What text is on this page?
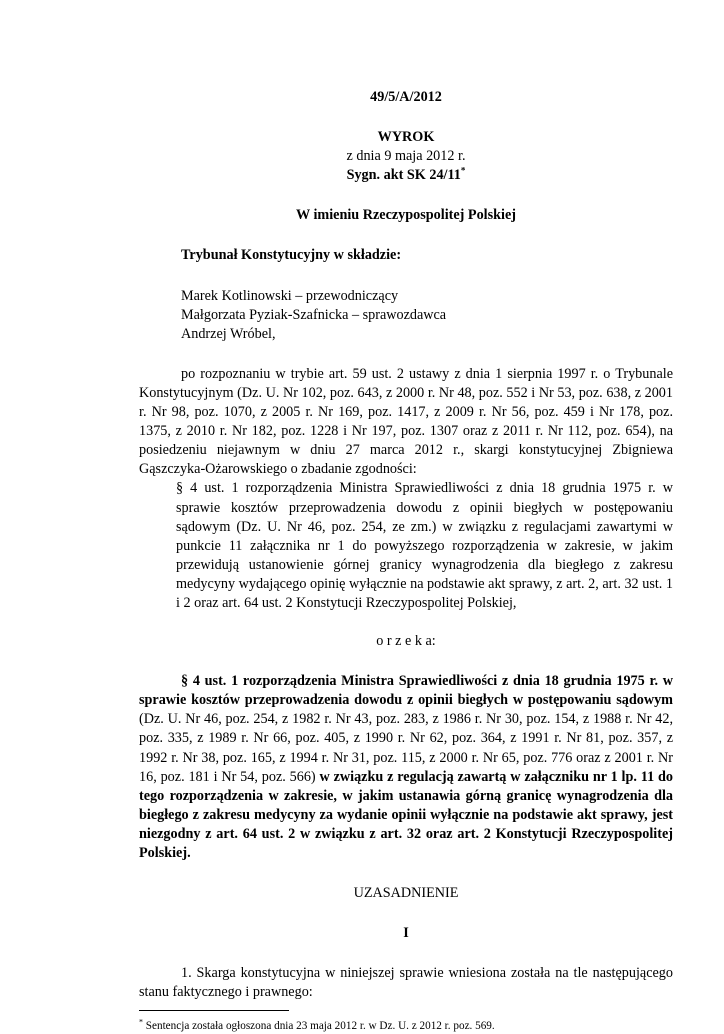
49/5/A/2012

WYROK

z dnia 9 maja 2012 r.

Sygn. akt SK 24/11*

W imieniu Rzeczypospolitej Polskiej

Trybunał Konstytucyjny w składzie:

Marek Kotlinowski – przewodniczący

Małgorzata Pyziak-Szafnicka – sprawozdawca

Andrzej Wróbel,

po rozpoznaniu w trybie art. 59 ust. 2 ustawy z dnia 1 sierpnia 1997 r. o Trybunale Konstytucyjnym (Dz. U. Nr 102, poz. 643, z 2000 r. Nr 48, poz. 552 i Nr 53, poz. 638, z 2001 r. Nr 98, poz. 1070, z 2005 r. Nr 169, poz. 1417, z 2009 r. Nr 56, poz. 459 i Nr 178, poz. 1375, z 2010 r. Nr 182, poz. 1228 i Nr 197, poz. 1307 oraz z 2011 r. Nr 112, poz. 654), na posiedzeniu niejawnym w dniu 27 marca 2012 r., skargi konstytucyjnej Zbigniewa Gąszczyka-Ożarowskiego o zbadanie zgodności:

§ 4 ust. 1 rozporządzenia Ministra Sprawiedliwości z dnia 18 grudnia 1975 r. w sprawie kosztów przeprowadzenia dowodu z opinii biegłych w postępowaniu sądowym (Dz. U. Nr 46, poz. 254, ze zm.) w związku z regulacjami zawartymi w punkcie 11 załącznika nr 1 do powyższego rozporządzenia w zakresie, w jakim przewidują ustanowienie górnej granicy wynagrodzenia dla biegłego z zakresu medycyny wydającego opinię wyłącznie na podstawie akt sprawy, z art. 2, art. 32 ust. 1 i 2 oraz art. 64 ust. 2 Konstytucji Rzeczypospolitej Polskiej,

o r z e k a:

§ 4 ust. 1 rozporządzenia Ministra Sprawiedliwości z dnia 18 grudnia 1975 r. w sprawie kosztów przeprowadzenia dowodu z opinii biegłych w postępowaniu sądowym (Dz. U. Nr 46, poz. 254, z 1982 r. Nr 43, poz. 283, z 1986 r. Nr 30, poz. 154, z 1988 r. Nr 42, poz. 335, z 1989 r. Nr 66, poz. 405, z 1990 r. Nr 62, poz. 364, z 1991 r. Nr 81, poz. 357, z 1992 r. Nr 38, poz. 165, z 1994 r. Nr 31, poz. 115, z 2000 r. Nr 65, poz. 776 oraz z 2001 r. Nr 16, poz. 181 i Nr 54, poz. 566) w związku z regulacją zawartą w załączniku nr 1 lp. 11 do tego rozporządzenia w zakresie, w jakim ustanawia górną granicę wynagrodzenia dla biegłego z zakresu medycyny za wydanie opinii wyłącznie na podstawie akt sprawy, jest niezgodny z art. 64 ust. 2 w związku z art. 32 oraz art. 2 Konstytucji Rzeczypospolitej Polskiej.

UZASADNIENIE

I

1. Skarga konstytucyjna w niniejszej sprawie wniesiona została na tle następującego stanu faktycznego i prawnego:

* Sentencja została ogłoszona dnia 23 maja 2012 r. w Dz. U. z 2012 r. poz. 569.
